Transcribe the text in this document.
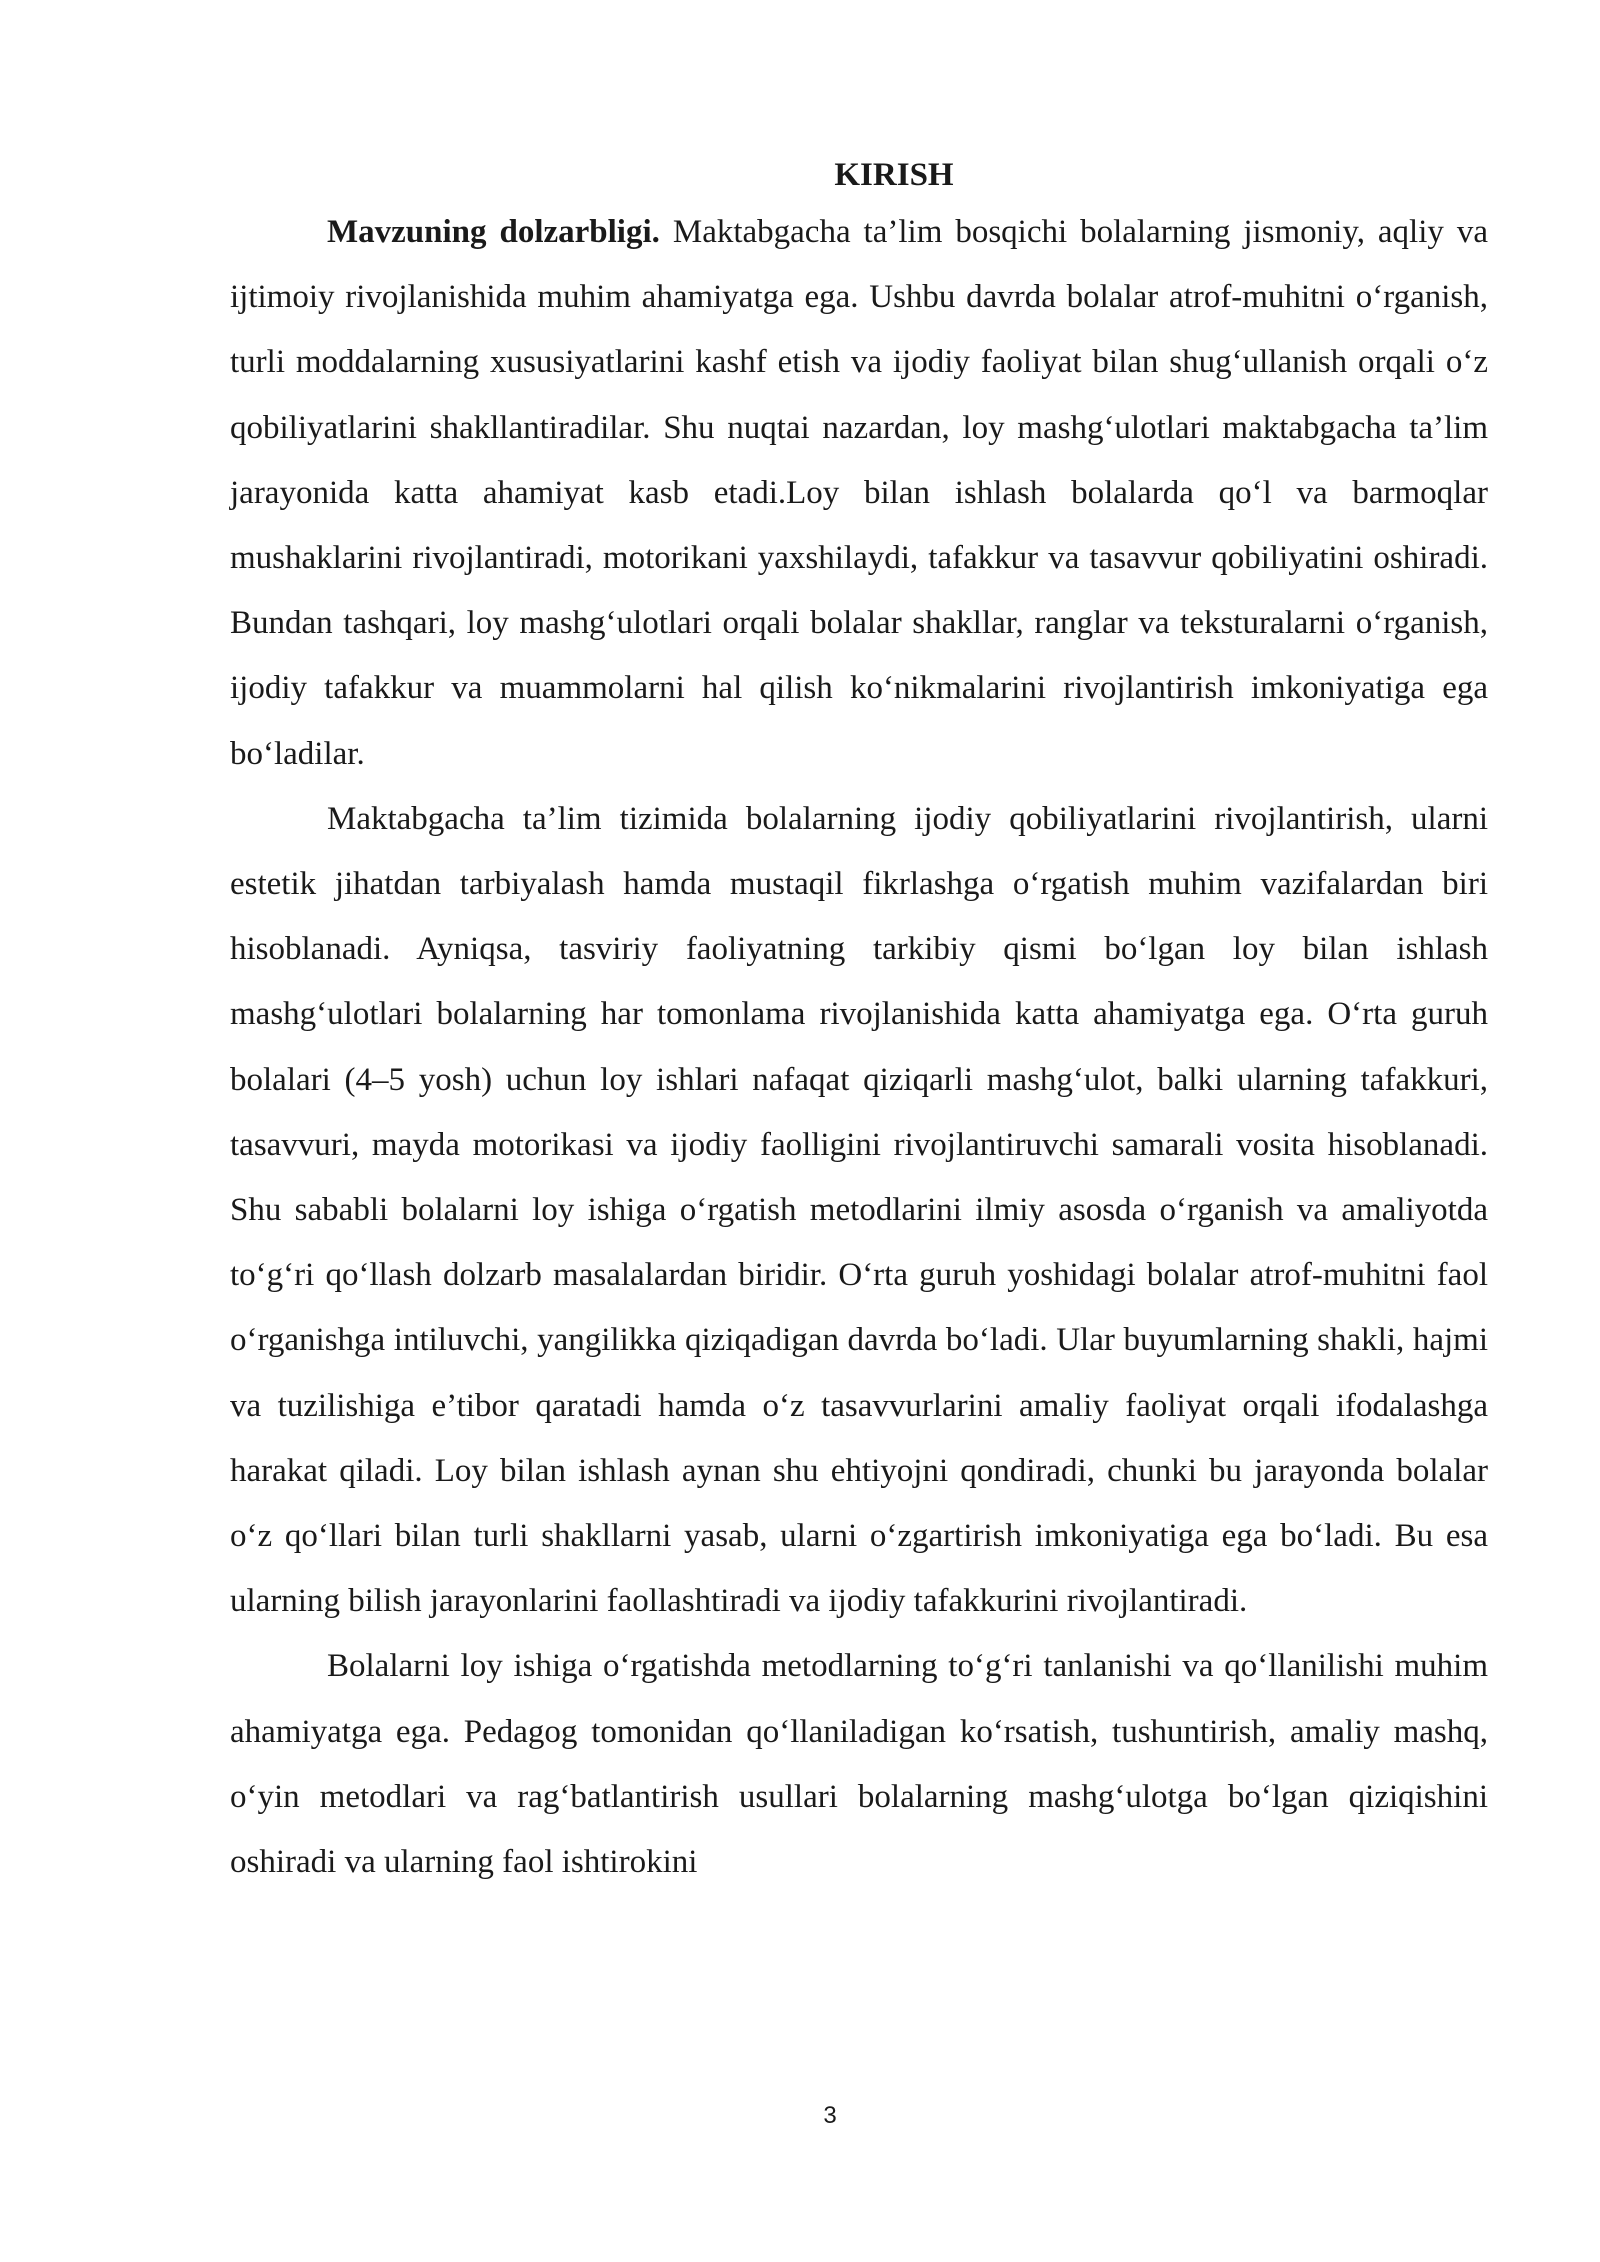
KIRISH

Mavzuning dolzarbligi. Maktabgacha ta’lim bosqichi bolalarning jismoniy, aqliy va ijtimoiy rivojlanishida muhim ahamiyatga ega. Ushbu davrda bolalar atrof-muhitni o‘rganish, turli moddalarning xususiyatlarini kashf etish va ijodiy faoliyat bilan shug‘ullanish orqali o‘z qobiliyatlarini shakllantiradilar. Shu nuqtai nazardan, loy mashg‘ulotlari maktabgacha ta’lim jarayonida katta ahamiyat kasb etadi.Loy bilan ishlash bolalarda qo‘l va barmoqlar mushaklarini rivojlantiradi, motorikani yaxshilaydi, tafakkur va tasavvur qobiliyatini oshiradi. Bundan tashqari, loy mashg‘ulotlari orqali bolalar shakllar, ranglar va teksturalarni o‘rganish, ijodiy tafakkur va muammolarni hal qilish ko‘nikmalarini rivojlantirish imkoniyatiga ega bo‘ladilar.

Maktabgacha ta’lim tizimida bolalarning ijodiy qobiliyatlarini rivojlantirish, ularni estetik jihatdan tarbiyalash hamda mustaqil fikrlashga o‘rgatish muhim vazifalardan biri hisoblanadi. Ayniqsa, tasviriy faoliyatning tarkibiy qismi bo‘lgan loy bilan ishlash mashg‘ulotlari bolalarning har tomonlama rivojlanishida katta ahamiyatga ega. O‘rta guruh bolalari (4–5 yosh) uchun loy ishlari nafaqat qiziqarli mashg‘ulot, balki ularning tafakkuri, tasavvuri, mayda motorikasi va ijodiy faolligini rivojlantiruvchi samarali vosita hisoblanadi. Shu sababli bolalarni loy ishiga o‘rgatish metodlarini ilmiy asosda o‘rganish va amaliyotda to‘g‘ri qo‘llash dolzarb masalalardan biridir. O‘rta guruh yoshidagi bolalar atrof-muhitni faol o‘rganishga intiluvchi, yangilikka qiziqadigan davrda bo‘ladi. Ular buyumlarning shakli, hajmi va tuzilishiga e’tibor qaratadi hamda o‘z tasavvurlarini amaliy faoliyat orqali ifodalashga harakat qiladi. Loy bilan ishlash aynan shu ehtiyojni qondiradi, chunki bu jarayonda bolalar o‘z qo‘llari bilan turli shakllarni yasab, ularni o‘zgartirish imkoniyatiga ega bo‘ladi. Bu esa ularning bilish jarayonlarini faollashtiradi va ijodiy tafakkurini rivojlantiradi.

Bolalarni loy ishiga o‘rgatishda metodlarning to‘g‘ri tanlanishi va qo‘llanilishi muhim ahamiyatga ega. Pedagog tomonidan qo‘llaniladigan ko‘rsatish, tushuntirish, amaliy mashq, o‘yin metodlari va rag‘batlantirish usullari bolalarning mashg‘ulotga bo‘lgan qiziqishini oshiradi va ularning faol ishtirokini

3
